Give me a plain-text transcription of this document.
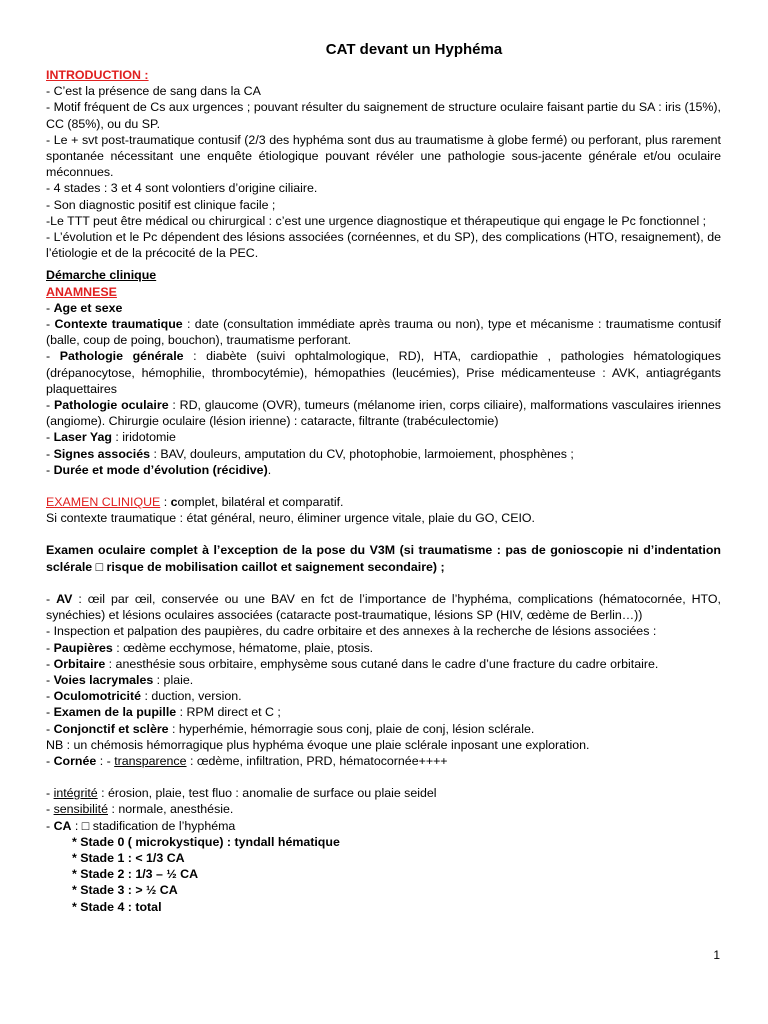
CAT devant un Hyphéma

INTRODUCTION :

- C’est la présence de sang dans la CA

- Motif fréquent de Cs aux urgences ; pouvant résulter du saignement de structure oculaire faisant partie du SA : iris (15%), CC (85%), ou du SP.

- Le + svt post-traumatique contusif (2/3 des hyphéma sont dus au traumatisme à globe fermé) ou perforant, plus rarement spontanée nécessitant une enquête étiologique pouvant révéler une pathologie sous-jacente générale et/ou oculaire méconnues.

- 4 stades : 3 et 4 sont volontiers d’origine ciliaire.

- Son diagnostic positif est clinique facile ;

-Le TTT peut être médical ou chirurgical : c’est une urgence diagnostique et thérapeutique qui engage le Pc fonctionnel ;

- L’évolution et le Pc dépendent des lésions associées (cornéennes, et du SP), des complications (HTO, resaignement), de l’étiologie et de la précocité de la PEC.

Démarche clinique

ANAMNESE

- Age et sexe

- Contexte traumatique : date (consultation immédiate après trauma ou non), type et mécanisme : traumatisme contusif (balle, coup de poing, bouchon), traumatisme perforant.

- Pathologie générale : diabète (suivi ophtalmologique, RD), HTA, cardiopathie , pathologies hématologiques (drépanocytose, hémophilie, thrombocytémie), hémopathies (leucémies), Prise médicamenteuse : AVK, antiagrégants plaquettaires

- Pathologie oculaire : RD, glaucome (OVR), tumeurs (mélanome irien, corps ciliaire), malformations vasculaires iriennes (angiome). Chirurgie oculaire (lésion irienne) : cataracte, filtrante (trabéculectomie)

- Laser Yag : iridotomie

- Signes associés : BAV, douleurs, amputation du CV, photophobie, larmoiement, phosphènes ;

- Durée et mode d’évolution (récidive).

EXAMEN CLINIQUE : complet, bilatéral et comparatif.

Si contexte traumatique : état général, neuro, éliminer urgence vitale, plaie du GO, CEIO.

Examen oculaire complet à l’exception de la pose du V3M (si traumatisme : pas de gonioscopie ni d’indentation sclérale □ risque de mobilisation caillot et saignement secondaire) ;

- AV : œil par œil, conservée ou une BAV en fct de l’importance de l’hyphéma, complications (hématocornée, HTO, synéchies) et lésions oculaires associées (cataracte post-traumatique, lésions SP (HIV, œdème de Berlin…))

- Inspection et palpation des paupières, du cadre orbitaire et des annexes à la recherche de lésions associées :

- Paupières : œdème ecchymose, hématome, plaie, ptosis.

- Orbitaire : anesthésie sous orbitaire, emphysème sous cutané dans le cadre d’une fracture du cadre orbitaire.

- Voies lacrymales : plaie.

- Oculomotricité : duction, version.

- Examen de la pupille : RPM direct et C ;

- Conjonctif et sclère : hyperhémie, hémorragie sous conj, plaie de conj, lésion sclérale.

NB : un chémosis hémorragique plus hyphéma évoque une plaie sclérale inposant une exploration.

- Cornée : - transparence : œdème, infiltration, PRD, hématocornée++++

- intégrité : érosion, plaie, test fluo : anomalie de surface ou plaie seidel

- sensibilité : normale, anesthésie.

- CA : □ stadification de l’hyphéma

* Stade 0 ( microkystique) : tyndall hématique

* Stade 1 : < 1/3 CA

* Stade 2 : 1/3 – ½ CA

* Stade 3 : > ½ CA

* Stade 4 : total

1
